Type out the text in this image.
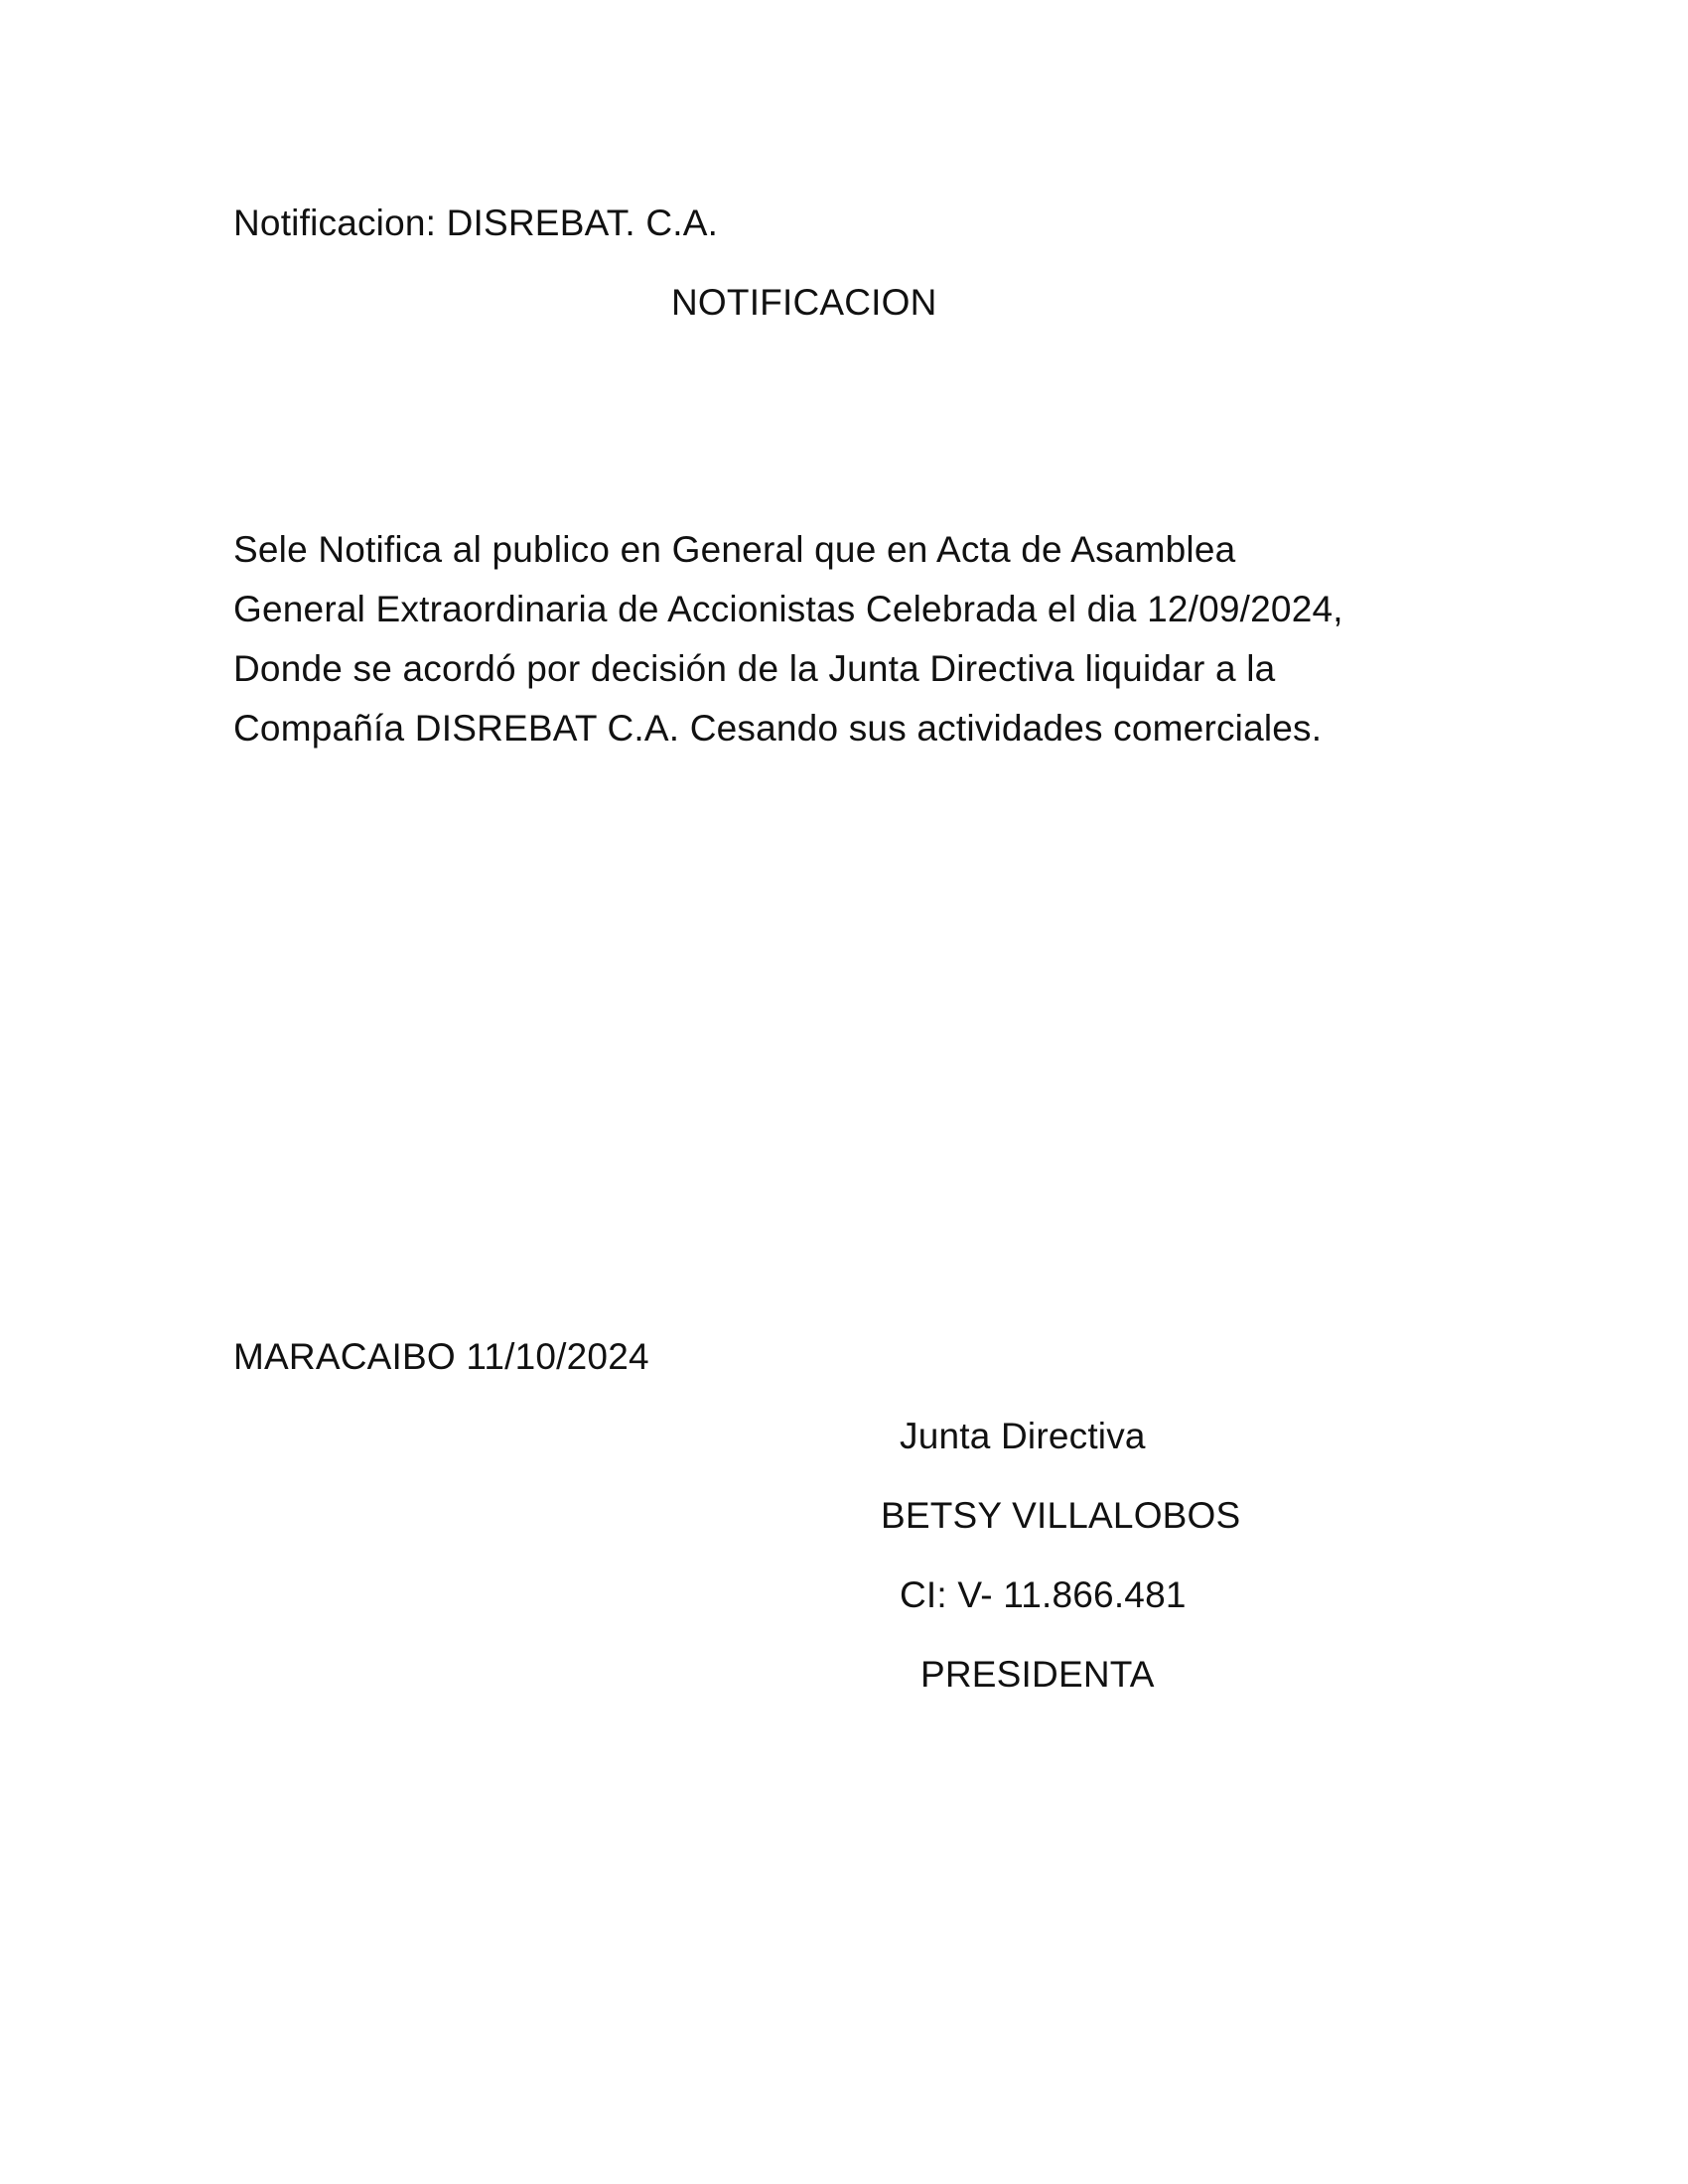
Notificacion: DISREBAT. C.A.
NOTIFICACION
Sele Notifica al publico en General que en Acta de Asamblea
General Extraordinaria de Accionistas Celebrada el dia 12/09/2024,
Donde se acordó por decisión de la Junta Directiva liquidar a la
Compañía DISREBAT C.A. Cesando sus actividades comerciales.
MARACAIBO 11/10/2024
Junta Directiva
BETSY VILLALOBOS
CI: V- 11.866.481
PRESIDENTA
